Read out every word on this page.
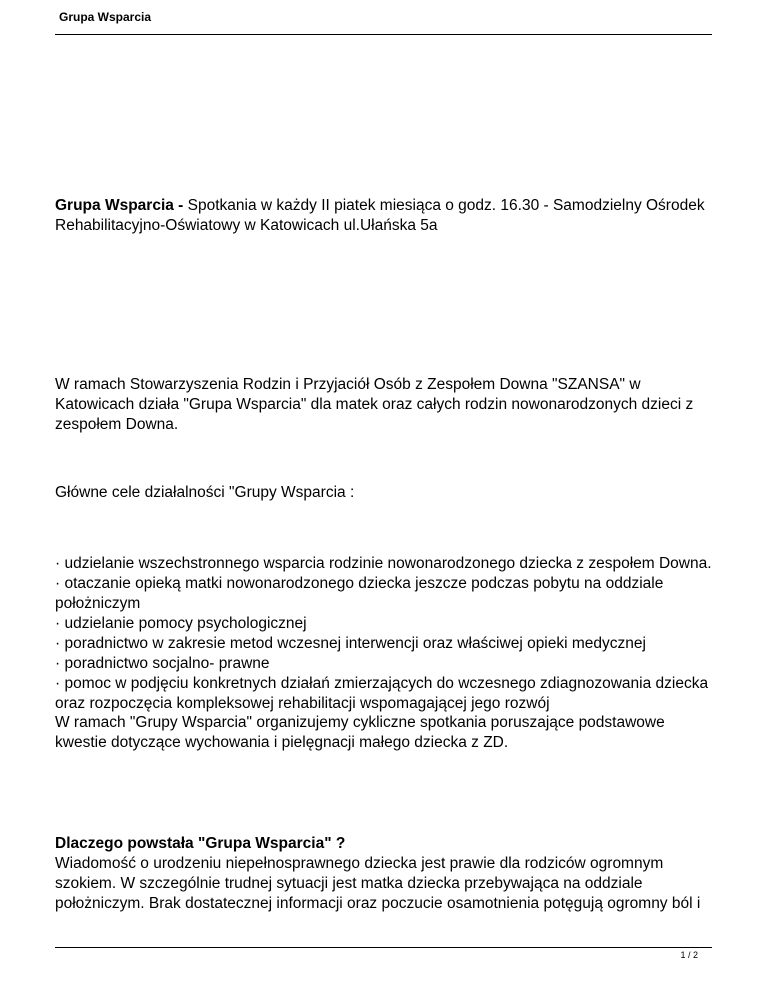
Grupa Wsparcia
Grupa Wsparcia - Spotkania w każdy II piatek miesiąca o godz. 16.30 - Samodzielny Ośrodek Rehabilitacyjno-Oświatowy w Katowicach ul.Ułańska 5a
W ramach Stowarzyszenia Rodzin i Przyjaciół Osób z Zespołem Downa "SZANSA" w Katowicach działa "Grupa Wsparcia" dla matek oraz całych rodzin nowonarodzonych dzieci z zespołem Downa.
Główne cele działalności "Grupy Wsparcia :

· udzielanie wszechstronnego wsparcia rodzinie nowonarodzonego dziecka z zespołem Downa.

· otaczanie opieką matki nowonarodzonego dziecka jeszcze podczas pobytu na oddziale położniczym

· udzielanie pomocy psychologicznej

· poradnictwo w zakresie metod wczesnej interwencji oraz właściwej opieki medycznej

· poradnictwo socjalno- prawne

· pomoc w podjęciu konkretnych działań zmierzających do wczesnego zdiagnozowania dziecka oraz rozpoczęcia kompleksowej rehabilitacji wspomagającej jego rozwój

W ramach "Grupy Wsparcia" organizujemy cykliczne spotkania poruszające podstawowe kwestie dotyczące wychowania i pielęgnacji małego dziecka z ZD.

Dlaczego powstała "Grupa Wsparcia" ?

Wiadomość o urodzeniu niepełnosprawnego dziecka jest prawie dla rodziców ogromnym szokiem. W szczególnie trudnej sytuacji jest matka dziecka przebywająca na oddziale położniczym. Brak dostatecznej informacji oraz poczucie osamotnienia potęgują ogromny ból i

1 / 2
